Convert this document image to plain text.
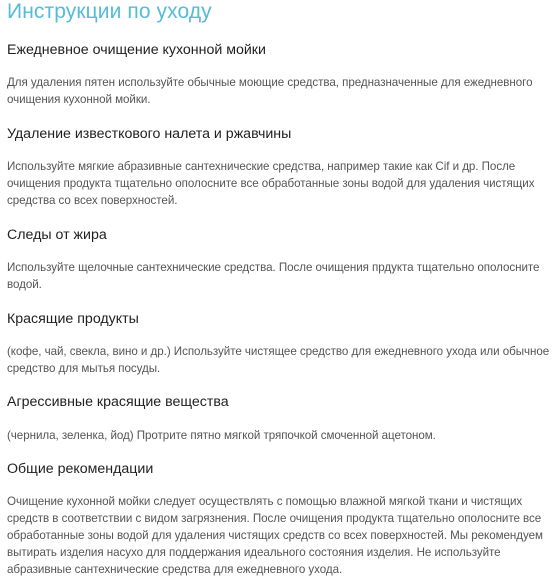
Инструкции по уходу
Ежедневное очищение кухонной мойки

Для удаления пятен используйте обычные моющие средства, предназначенные для ежедневного очищения кухонной мойки.

Удаление известкового налета и ржавчины

Используйте мягкие абразивные сантехнические средства, например такие как Cif и др. После очищения продукта тщательно ополосните все обработанные зоны водой для удаления чистящих средства со всех поверхностей.

Следы от жира

Используйте щелочные сантехнические средства. После очищения прдукта тщательно ополосните водой.

Красящие продукты

(кофе, чай, свекла, вино и др.) Используйте чистящее средство для ежедневного ухода или обычное средство для мытья посуды.

Агрессивные красящие вещества

(чернила, зеленка, йод) Протрите пятно мягкой тряпочкой смоченной ацетоном.

Общие рекомендации

Очищение кухонной мойки следует осуществлять с помощью влажной мягкой ткани и чистящих средств в соответствии с видом загрязнения. После очищения продукта тщательно ополосните все обработанные зоны водой для удаления чистящих средств со всех поверхностей. Мы рекомендуем вытирать изделия насухо для поддержания идеального состояния изделия. Не используйте абразивные сантехнические средства для ежедневного ухода.
